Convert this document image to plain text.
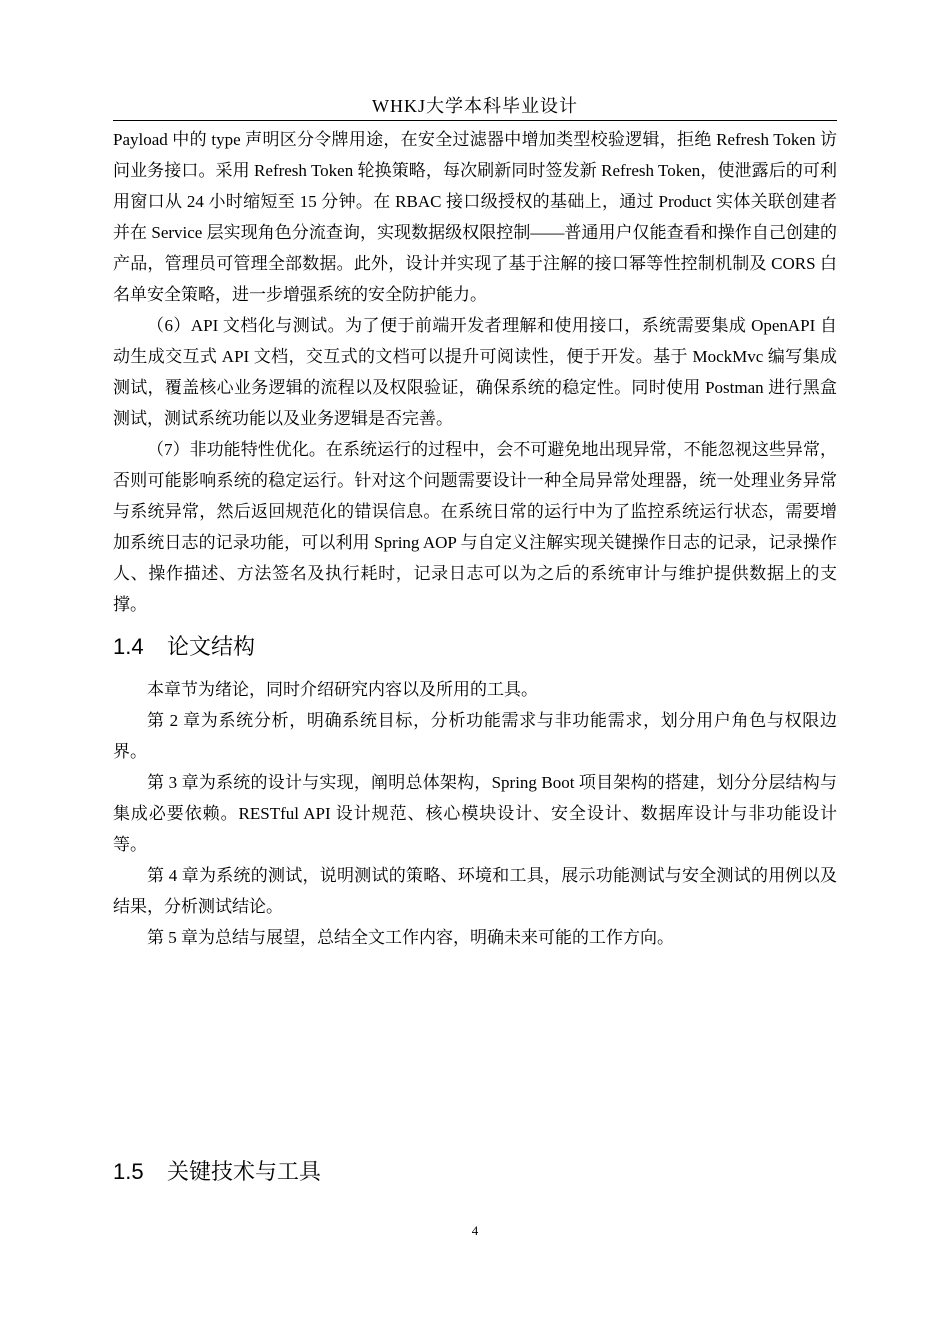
WHKJ大学本科毕业设计

Payload 中的 type 声明区分令牌用途，在安全过滤器中增加类型校验逻辑，拒绝 Refresh Token 访问业务接口。采用 Refresh Token 轮换策略，每次刷新同时签发新 Refresh Token，使泄露后的可利用窗口从 24 小时缩短至 15 分钟。在 RBAC 接口级授权的基础上，通过 Product 实体关联创建者并在 Service 层实现角色分流查询，实现数据级权限控制——普通用户仅能查看和操作自己创建的产品，管理员可管理全部数据。此外，设计并实现了基于注解的接口幂等性控制机制及 CORS 白名单安全策略，进一步增强系统的安全防护能力。

（6）API 文档化与测试。为了便于前端开发者理解和使用接口，系统需要集成 OpenAPI 自动生成交互式 API 文档，交互式的文档可以提升可阅读性，便于开发。基于 MockMvc 编写集成测试，覆盖核心业务逻辑的流程以及权限验证，确保系统的稳定性。同时使用 Postman 进行黑盒测试，测试系统功能以及业务逻辑是否完善。

（7）非功能特性优化。在系统运行的过程中，会不可避免地出现异常，不能忽视这些异常，否则可能影响系统的稳定运行。针对这个问题需要设计一种全局异常处理器，统一处理业务异常与系统异常，然后返回规范化的错误信息。在系统日常的运行中为了监控系统运行状态，需要增加系统日志的记录功能，可以利用 Spring AOP 与自定义注解实现关键操作日志的记录，记录操作人、操作描述、方法签名及执行耗时，记录日志可以为之后的系统审计与维护提供数据上的支撑。

1.4 论文结构

本章节为绪论，同时介绍研究内容以及所用的工具。

第 2 章为系统分析，明确系统目标，分析功能需求与非功能需求，划分用户角色与权限边界。

第 3 章为系统的设计与实现，阐明总体架构，Spring Boot 项目架构的搭建，划分分层结构与集成必要依赖。RESTful API 设计规范、核心模块设计、安全设计、数据库设计与非功能设计等。

第 4 章为系统的测试，说明测试的策略、环境和工具，展示功能测试与安全测试的用例以及结果，分析测试结论。

第 5 章为总结与展望，总结全文工作内容，明确未来可能的工作方向。

1.5 关键技术与工具
4
